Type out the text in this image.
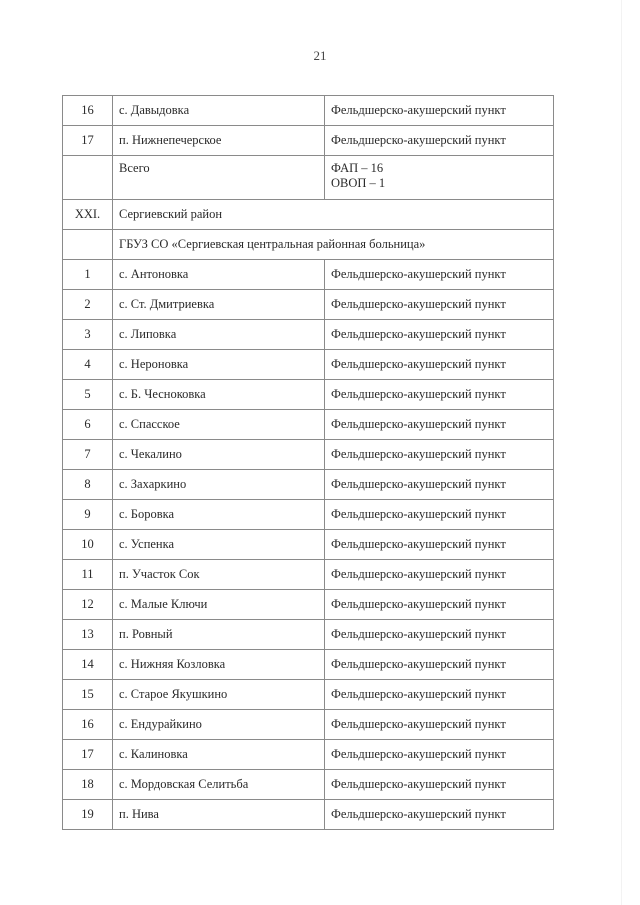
21
16	с. Давыдовка	Фельдшерско-акушерский пункт
17	п. Нижнепечерское	Фельдшерско-акушерский пункт
	Всего	ФАП – 16
ОВОП – 1

XXI.	Сергиевский район	
	ГБУЗ СО «Сергиевская центральная районная больница»	
1	с. Антоновка	Фельдшерско-акушерский пункт
2	с. Ст. Дмитриевка	Фельдшерско-акушерский пункт
3	с. Липовка	Фельдшерско-акушерский пункт
4	с. Нероновка	Фельдшерско-акушерский пункт
5	с. Б. Чесноковка	Фельдшерско-акушерский пункт
6	с. Спасское	Фельдшерско-акушерский пункт
7	с. Чекалино	Фельдшерско-акушерский пункт
8	с. Захаркино	Фельдшерско-акушерский пункт
9	с. Боровка	Фельдшерско-акушерский пункт
10	с. Успенка	Фельдшерско-акушерский пункт
11	п. Участок Сок	Фельдшерско-акушерский пункт
12	с. Малые Ключи	Фельдшерско-акушерский пункт
13	п. Ровный	Фельдшерско-акушерский пункт
14	с. Нижняя Козловка	Фельдшерско-акушерский пункт
15	с. Старое Якушкино	Фельдшерско-акушерский пункт
16	с. Ендурайкино	Фельдшерско-акушерский пункт
17	с. Калиновка	Фельдшерско-акушерский пункт
18	с. Мордовская Селитьба	Фельдшерско-акушерский пункт
19	п. Нива	Фельдшерско-акушерский пункт
